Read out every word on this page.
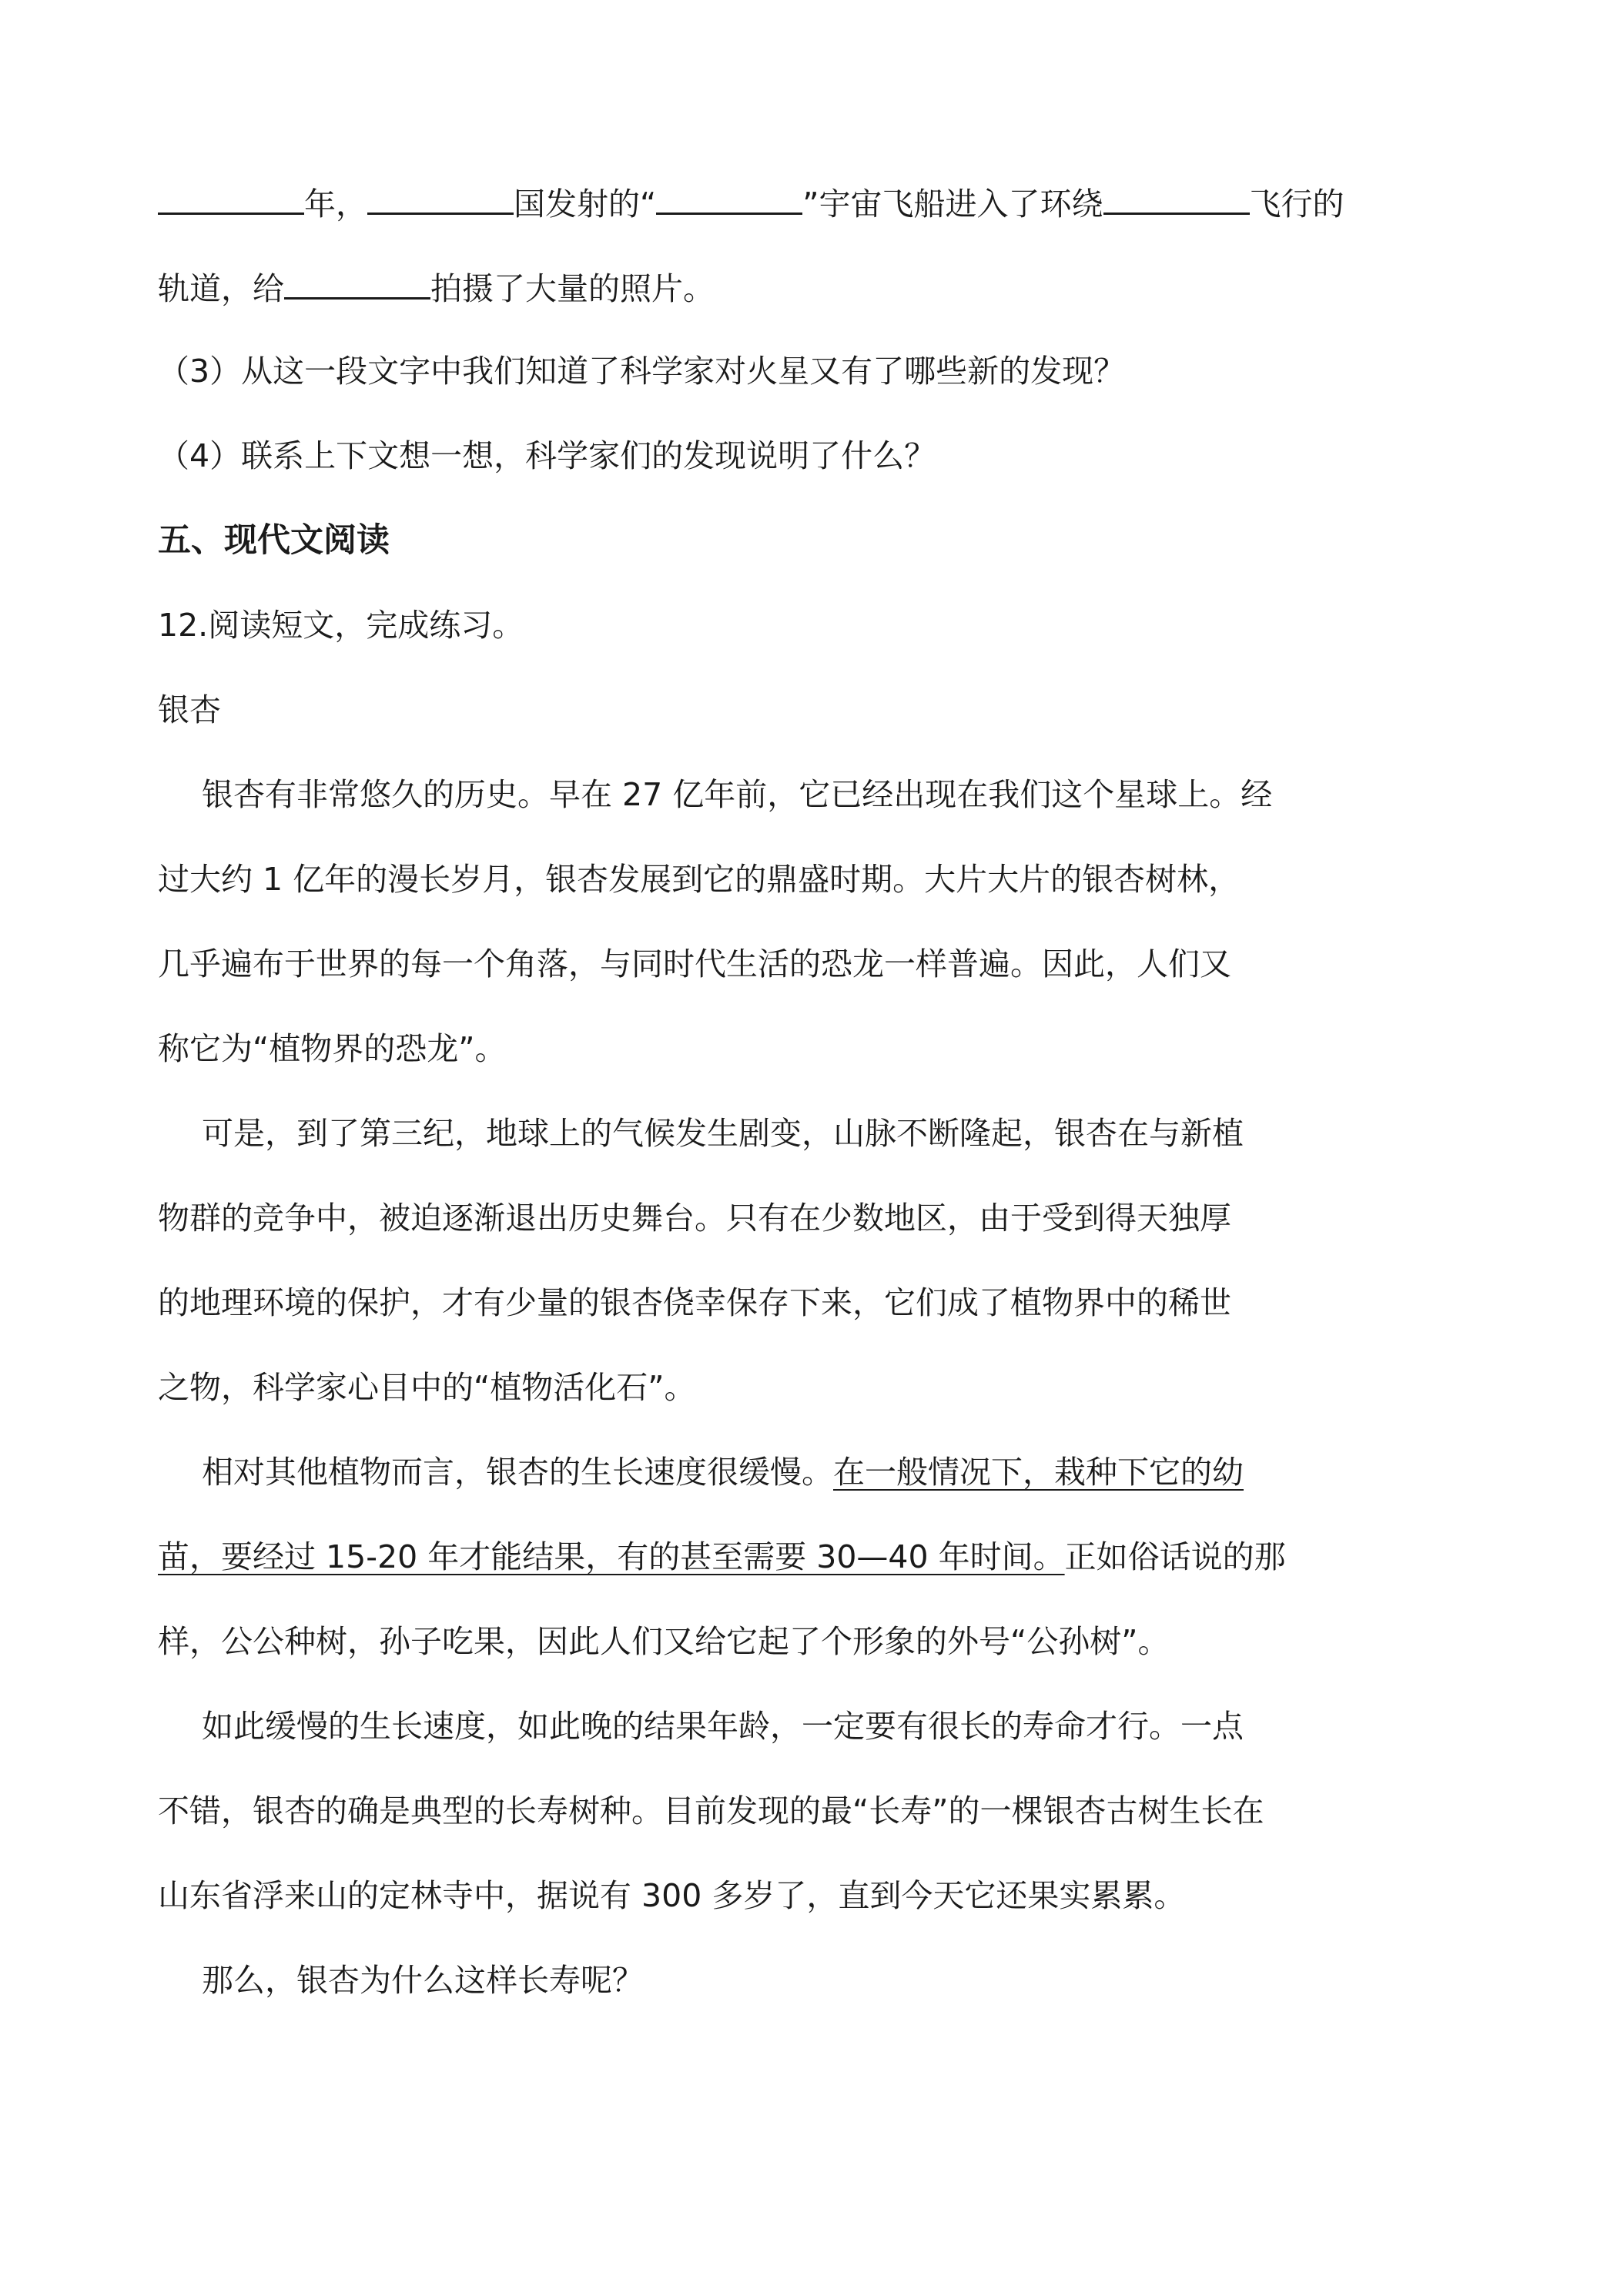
年，	国发射的“	”宇宙飞船进入了环绕	飞行的
轨道，给	拍摄了大量的照片。
（3）从这一段文字中我们知道了科学家对火星又有了哪些新的发现？
（4）联系上下文想一想，科学家们的发现说明了什么？
五、现代文阅读
12.阅读短文，完成练习。
银杏
银杏有非常悠久的历史。早在 27 亿年前，它已经出现在我们这个星球上。经
过大约 1 亿年的漫长岁月，银杏发展到它的鼎盛时期。大片大片的银杏树林，
几乎遍布于世界的每一个角落，与同时代生活的恐龙一样普遍。因此，人们又
称它为“植物界的恐龙”。
可是，到了第三纪，地球上的气候发生剧变，山脉不断隆起，银杏在与新植
物群的竞争中，被迫逐渐退出历史舞台。只有在少数地区，由于受到得天独厚
的地理环境的保护，才有少量的银杏侥幸保存下来，它们成了植物界中的稀世
之物，科学家心目中的“植物活化石”。
相对其他植物而言，银杏的生长速度很缓慢。在一般情况下，栽种下它的幼
苗，要经过 15-20 年才能结果，有的甚至需要 30—40 年时间。正如俗话说的那
样，公公种树，孙子吃果，因此人们又给它起了个形象的外号“公孙树”。
如此缓慢的生长速度，如此晚的结果年龄，一定要有很长的寿命才行。一点
不错，银杏的确是典型的长寿树种。目前发现的最“长寿”的一棵银杏古树生长在
山东省浮来山的定林寺中，据说有 300 多岁了，直到今天它还果实累累。
那么，银杏为什么这样长寿呢？
